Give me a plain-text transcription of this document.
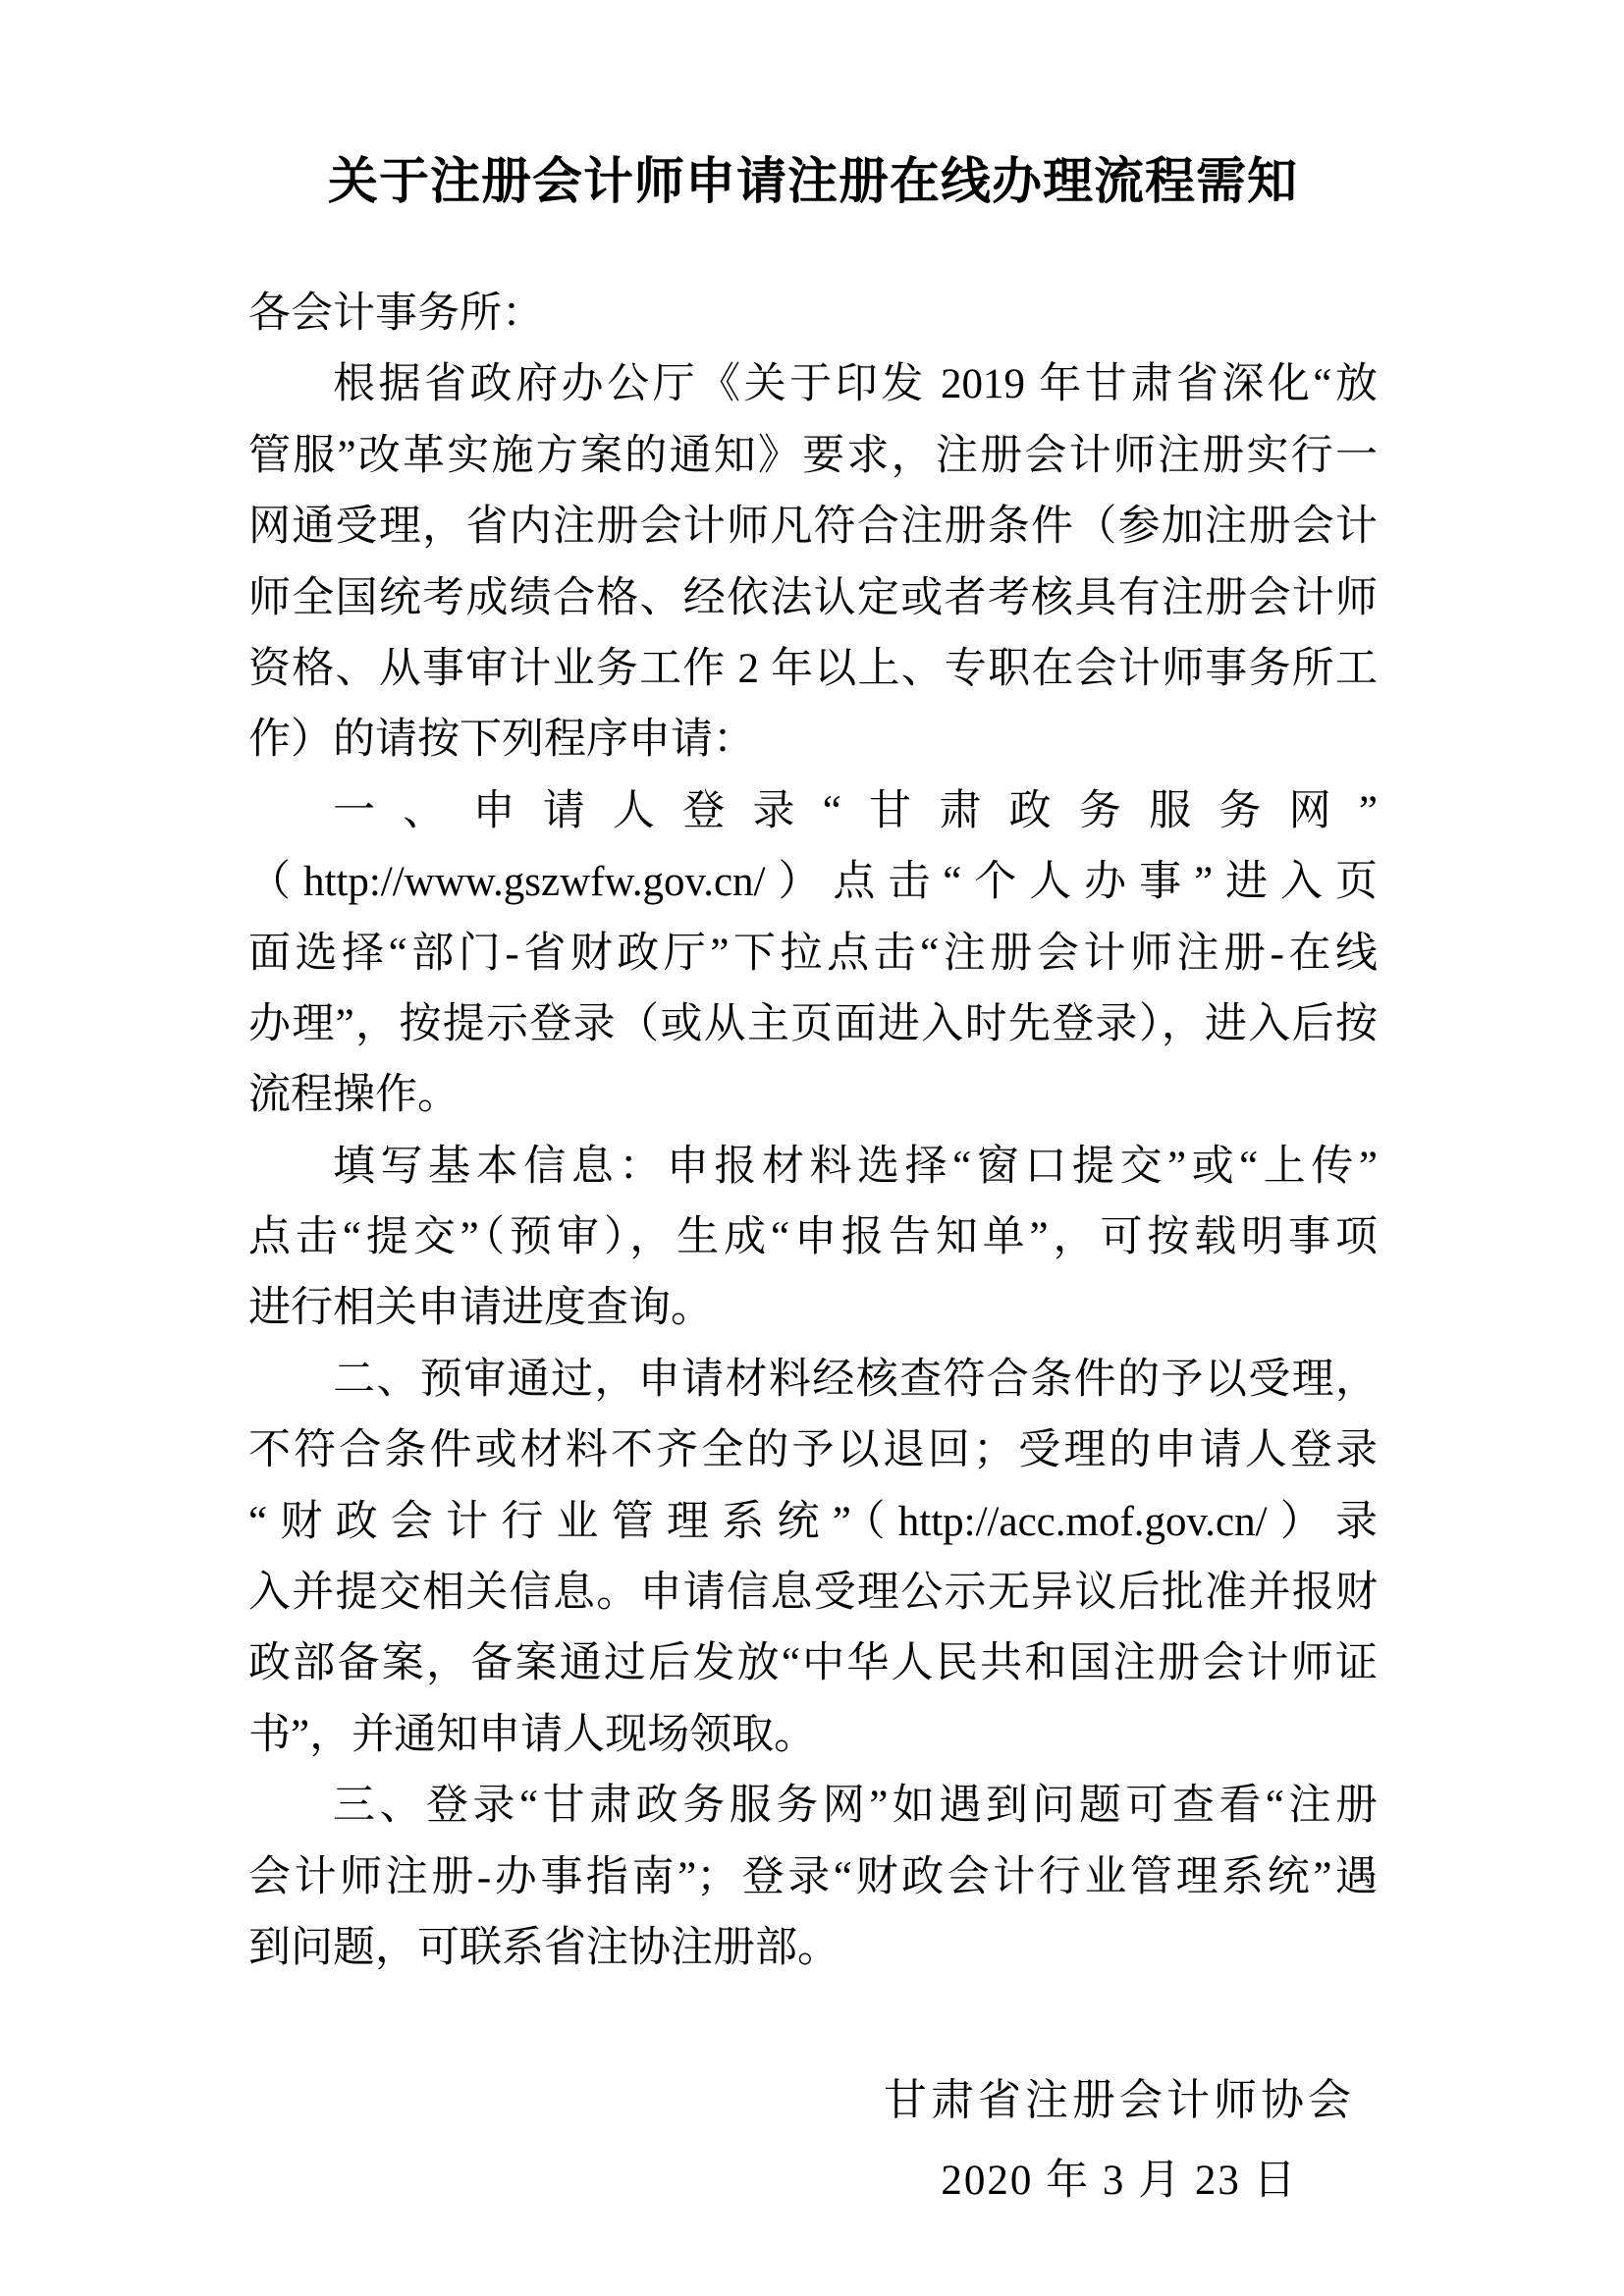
关于注册会计师申请注册在线办理流程需知
各会计事务所：
根据省政府办公厅《关于印发 2019 年甘肃省深化“放
管服”改革实施方案的通知》要求，注册会计师注册实行一
网通受理，省内注册会计师凡符合注册条件（参加注册会计
师全国统考成绩合格、经依法认定或者考核具有注册会计师
资格、从事审计业务工作 2 年以上、专职在会计师事务所工
作）的请按下列程序申请：
一、申请人登录“甘肃政务服务网”
（http://www.gszwfw.gov.cn/）点击“个人办事”进入页
面选择“部门-省财政厅”下拉点击“注册会计师注册-在线
办理”，按提示登录（或从主页面进入时先登录），进入后按
流程操作。
填写基本信息：申报材料选择“窗口提交”或“上传”
点击“提交”（预审），生成“申报告知单”，可按载明事项
进行相关申请进度查询。
二、预审通过，申请材料经核查符合条件的予以受理，
不符合条件或材料不齐全的予以退回；受理的申请人登录
“财政会计行业管理系统”（http://acc.mof.gov.cn/）录
入并提交相关信息。申请信息受理公示无异议后批准并报财
政部备案，备案通过后发放“中华人民共和国注册会计师证
书”，并通知申请人现场领取。
三、登录“甘肃政务服务网”如遇到问题可查看“注册
会计师注册-办事指南”；登录“财政会计行业管理系统”遇
到问题，可联系省注协注册部。
甘肃省注册会计师协会
2020 年 3 月 23 日
